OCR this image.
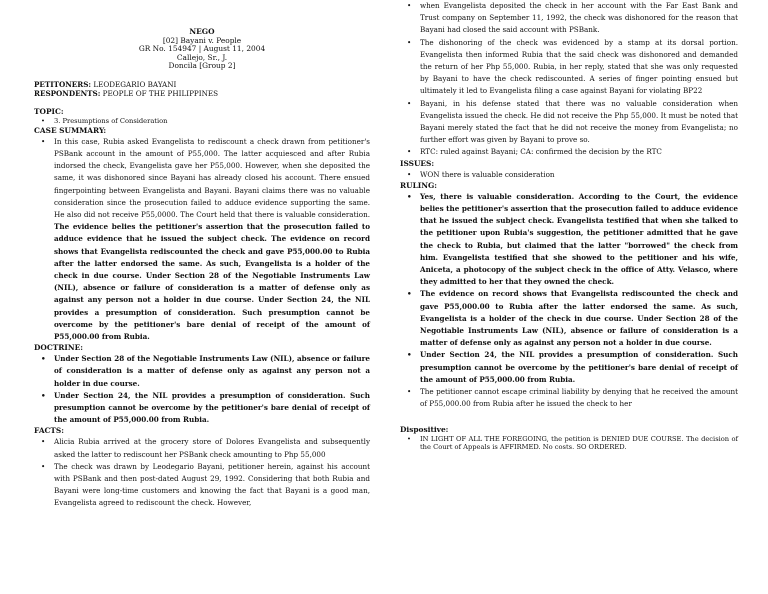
NEGO
[02] Bayani v. People
GR No. 154947 | August 11, 2004
Callejo, Sr., J.
Doncila [Group 2]
PETITONERS: LEODEGARIO BAYANI
RESPONDENTS: PEOPLE OF THE PHILIPPINES
TOPIC:
• 3. Presumptions of Consideration
CASE SUMMARY:
• In this case, Rubia asked Evangelista to rediscount a check drawn from petitioner's PSBank account in the amount of P55,000. The latter acquiesced and after Rubia indorsed the check, Evangelista gave her P55,000. However, when she deposited the same, it was dishonored since Bayani has already closed his account. There ensued fingerpointing between Evangelista and Bayani. Bayani claims there was no valuable consideration since the prosecution failed to adduce evidence supporting the same. He also did not receive P55,0000. The Court held that there is valuable consideration. The evidence belies the petitioner's assertion that the prosecution failed to adduce evidence that he issued the subject check. The evidence on record shows that Evangelista rediscounted the check and gave P55,000.00 to Rubia after the latter endorsed the same. As such, Evangelista is a holder of the check in due course. Under Section 28 of the Negotiable Instruments Law (NIL), absence or failure of consideration is a matter of defense only as against any person not a holder in due course. Under Section 24, the NIL provides a presumption of consideration. Such presumption cannot be overcome by the petitioner's bare denial of receipt of the amount of P55,000.00 from Rubia.
DOCTRINE:
• Under Section 28 of the Negotiable Instruments Law (NIL), absence or failure of consideration is a matter of defense only as against any person not a holder in due course.
• Under Section 24, the NIL provides a presumption of consideration. Such presumption cannot be overcome by the petitioner's bare denial of receipt of the amount of P55,000.00 from Rubia.
FACTS:
• Alicia Rubia arrived at the grocery store of Dolores Evangelista and subsequently asked the latter to rediscount her PSBank check amounting to Php 55,000
• The check was drawn by Leodegario Bayani, petitioner herein, against his account with PSBank and then post-dated August 29, 1992. Considering that both Rubia and Bayani were long-time customers and knowing the fact that Bayani is a good man, Evangelista agreed to rediscount the check. However,
• when Evangelista deposited the check in her account with the Far East Bank and Trust company on September 11, 1992, the check was dishonored for the reason that Bayani had closed the said account with PSBank.
• The dishonoring of the check was evidenced by a stamp at its dorsal portion. Evangelista then informed Rubia that the said check was dishonored and demanded the return of her Php 55,000. Rubia, in her reply, stated that she was only requested by Bayani to have the check rediscounted. A series of finger pointing ensued but ultimately it led to Evangelista filing a case against Bayani for violating BP22
• Bayani, in his defense stated that there was no valuable consideration when Evangelista issued the check. He did not receive the Php 55,000. It must be noted that Bayani merely stated the fact that he did not receive the money from Evangelista; no further effort was given by Bayani to prove so.
• RTC: ruled against Bayani; CA: confirmed the decision by the RTC
ISSUES:
• WON there is valuable consideration
RULING:
• Yes, there is valuable consideration. According to the Court, the evidence belies the petitioner's assertion that the prosecution failed to adduce evidence that he issued the subject check. Evangelista testified that when she talked to the petitioner upon Rubia's suggestion, the petitioner admitted that he gave the check to Rubia, but claimed that the latter "borrowed" the check from him. Evangelista testified that she showed to the petitioner and his wife, Aniceta, a photocopy of the subject check in the office of Atty. Velasco, where they admitted to her that they owned the check.
• The evidence on record shows that Evangelista rediscounted the check and gave P55,000.00 to Rubia after the latter endorsed the same. As such, Evangelista is a holder of the check in due course. Under Section 28 of the Negotiable Instruments Law (NIL), absence or failure of consideration is a matter of defense only as against any person not a holder in due course.
• Under Section 24, the NIL provides a presumption of consideration. Such presumption cannot be overcome by the petitioner's bare denial of receipt of the amount of P55,000.00 from Rubia.
• The petitioner cannot escape criminal liability by denying that he received the amount of P55,000.00 from Rubia after he issued the check to her
Dispositive:
• IN LIGHT OF ALL THE FOREGOING, the petition is DENIED DUE COURSE. The decision of the Court of Appeals is AFFIRMED. No costs. SO ORDERED.
